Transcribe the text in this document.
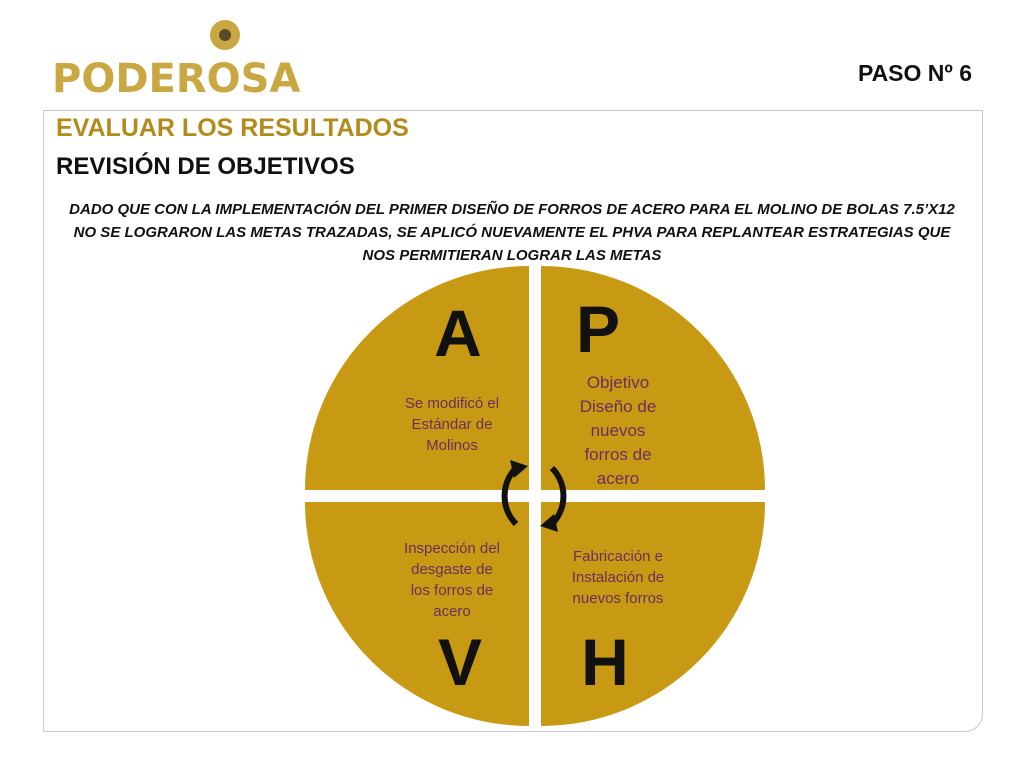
PODEROSA	PASO Nº 6
EVALUAR LOS RESULTADOS
REVISIÓN DE OBJETIVOS
DADO QUE CON LA IMPLEMENTACIÓN DEL PRIMER DISEÑO DE FORROS DE ACERO PARA EL MOLINO DE BOLAS 7.5’X12 NO SE LOGRARON LAS METAS TRAZADAS, SE APLICÓ NUEVAMENTE EL PHVA PARA REPLANTEAR ESTRATEGIAS QUE NOS PERMITIERAN LOGRAR LAS METAS
A
Se modificó el Estándar de Molinos
P
Objetivo Diseño de nuevos forros de acero
V
Inspección del desgaste de los forros de acero
H
Fabricación e Instalación de nuevos forros
